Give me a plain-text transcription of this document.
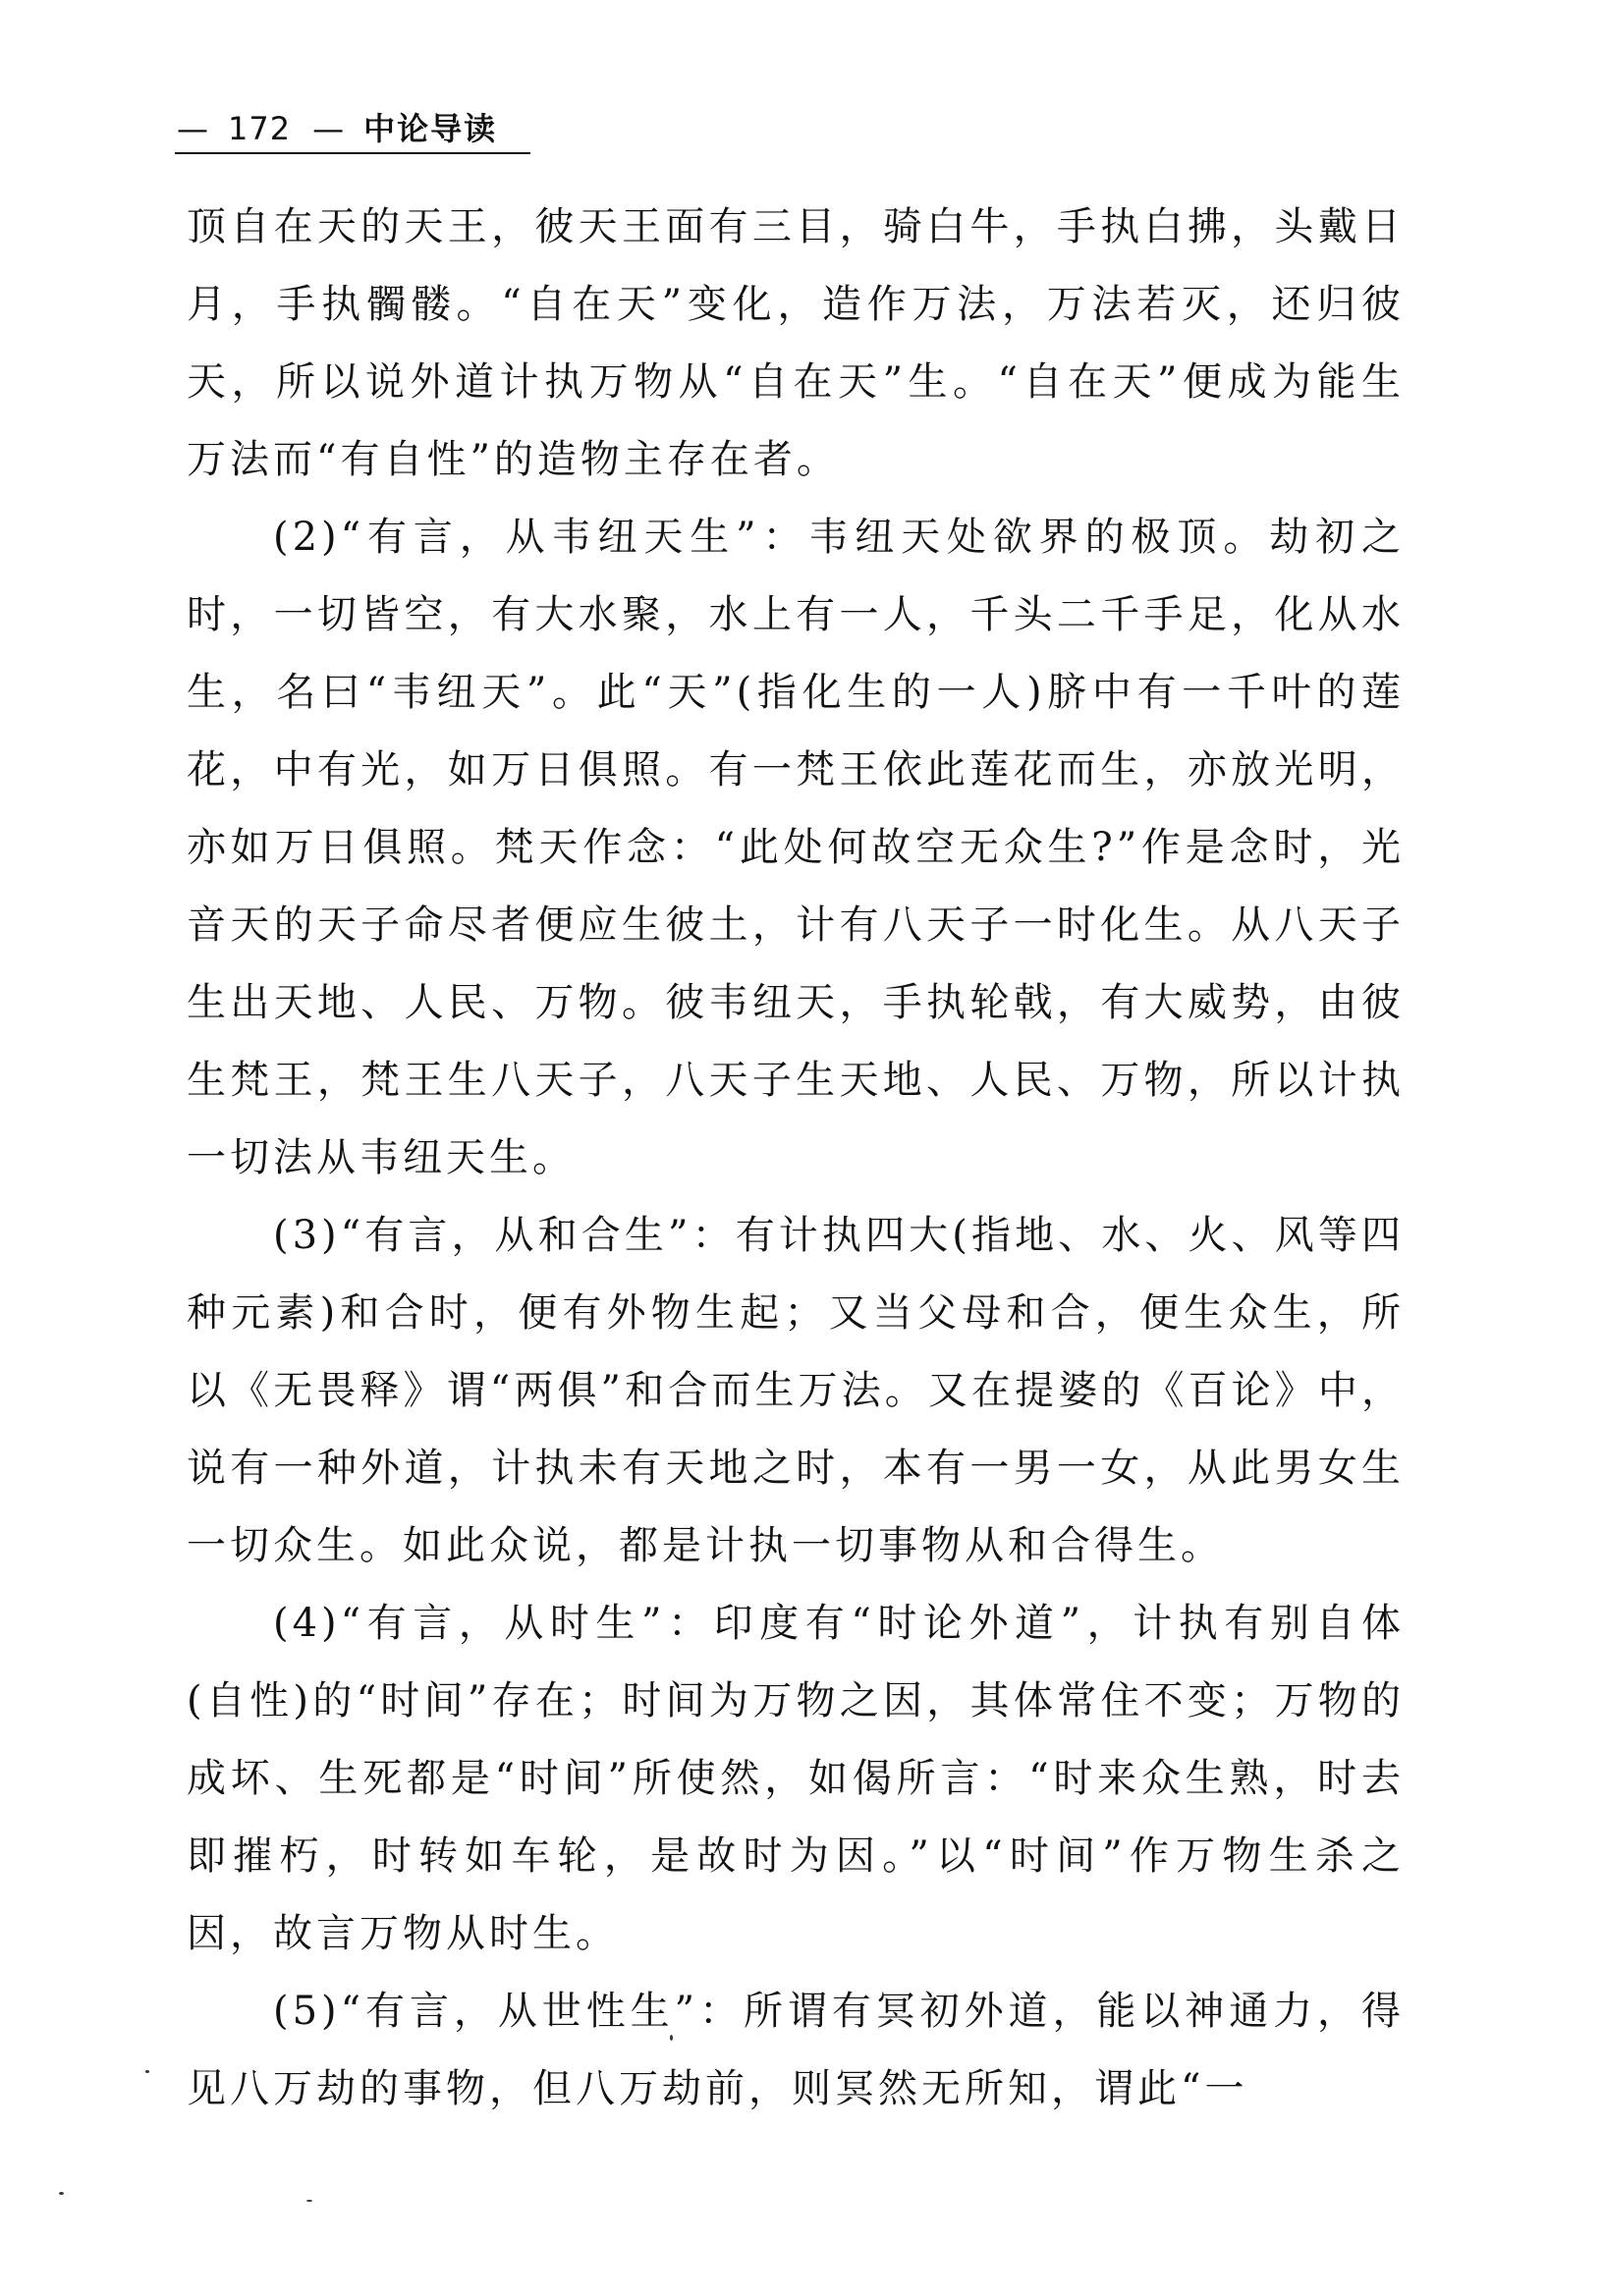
— 172 — 中论导读

顶自在天的天王，彼天王面有三目，骑白牛，手执白拂，头戴日月，手执髑髅。“自在天”变化，造作万法，万法若灭，还归彼天，所以说外道计执万物从“自在天”生。“自在天”便成为能生万法而“有自性”的造物主存在者。

(2)“有言，从韦纽天生”：韦纽天处欲界的极顶。劫初之时，一切皆空，有大水聚，水上有一人，千头二千手足，化从水生，名曰“韦纽天”。此“天”(指化生的一人)脐中有一千叶的莲花，中有光，如万日俱照。有一梵王依此莲花而生，亦放光明，亦如万日俱照。梵天作念：“此处何故空无众生?”作是念时，光音天的天子命尽者便应生彼土，计有八天子一时化生。从八天子生出天地、人民、万物。彼韦纽天，手执轮戟，有大威势，由彼生梵王，梵王生八天子，八天子生天地、人民、万物，所以计执一切法从韦纽天生。

(3)“有言，从和合生”：有计执四大(指地、水、火、风等四种元素)和合时，便有外物生起；又当父母和合，便生众生，所以《无畏释》谓“两俱”和合而生万法。又在提婆的《百论》中，说有一种外道，计执未有天地之时，本有一男一女，从此男女生一切众生。如此众说，都是计执一切事物从和合得生。

(4)“有言，从时生”：印度有“时论外道”，计执有别自体(自性)的“时间”存在；时间为万物之因，其体常住不变；万物的成坏、生死都是“时间”所使然，如偈所言：“时来众生熟，时去即摧朽，时转如车轮，是故时为因。”以“时间”作万物生杀之因，故言万物从时生。

(5)“有言，从世性生”：所谓有冥初外道，能以神通力，得见八万劫的事物，但八万劫前，则冥然无所知，谓此“一
